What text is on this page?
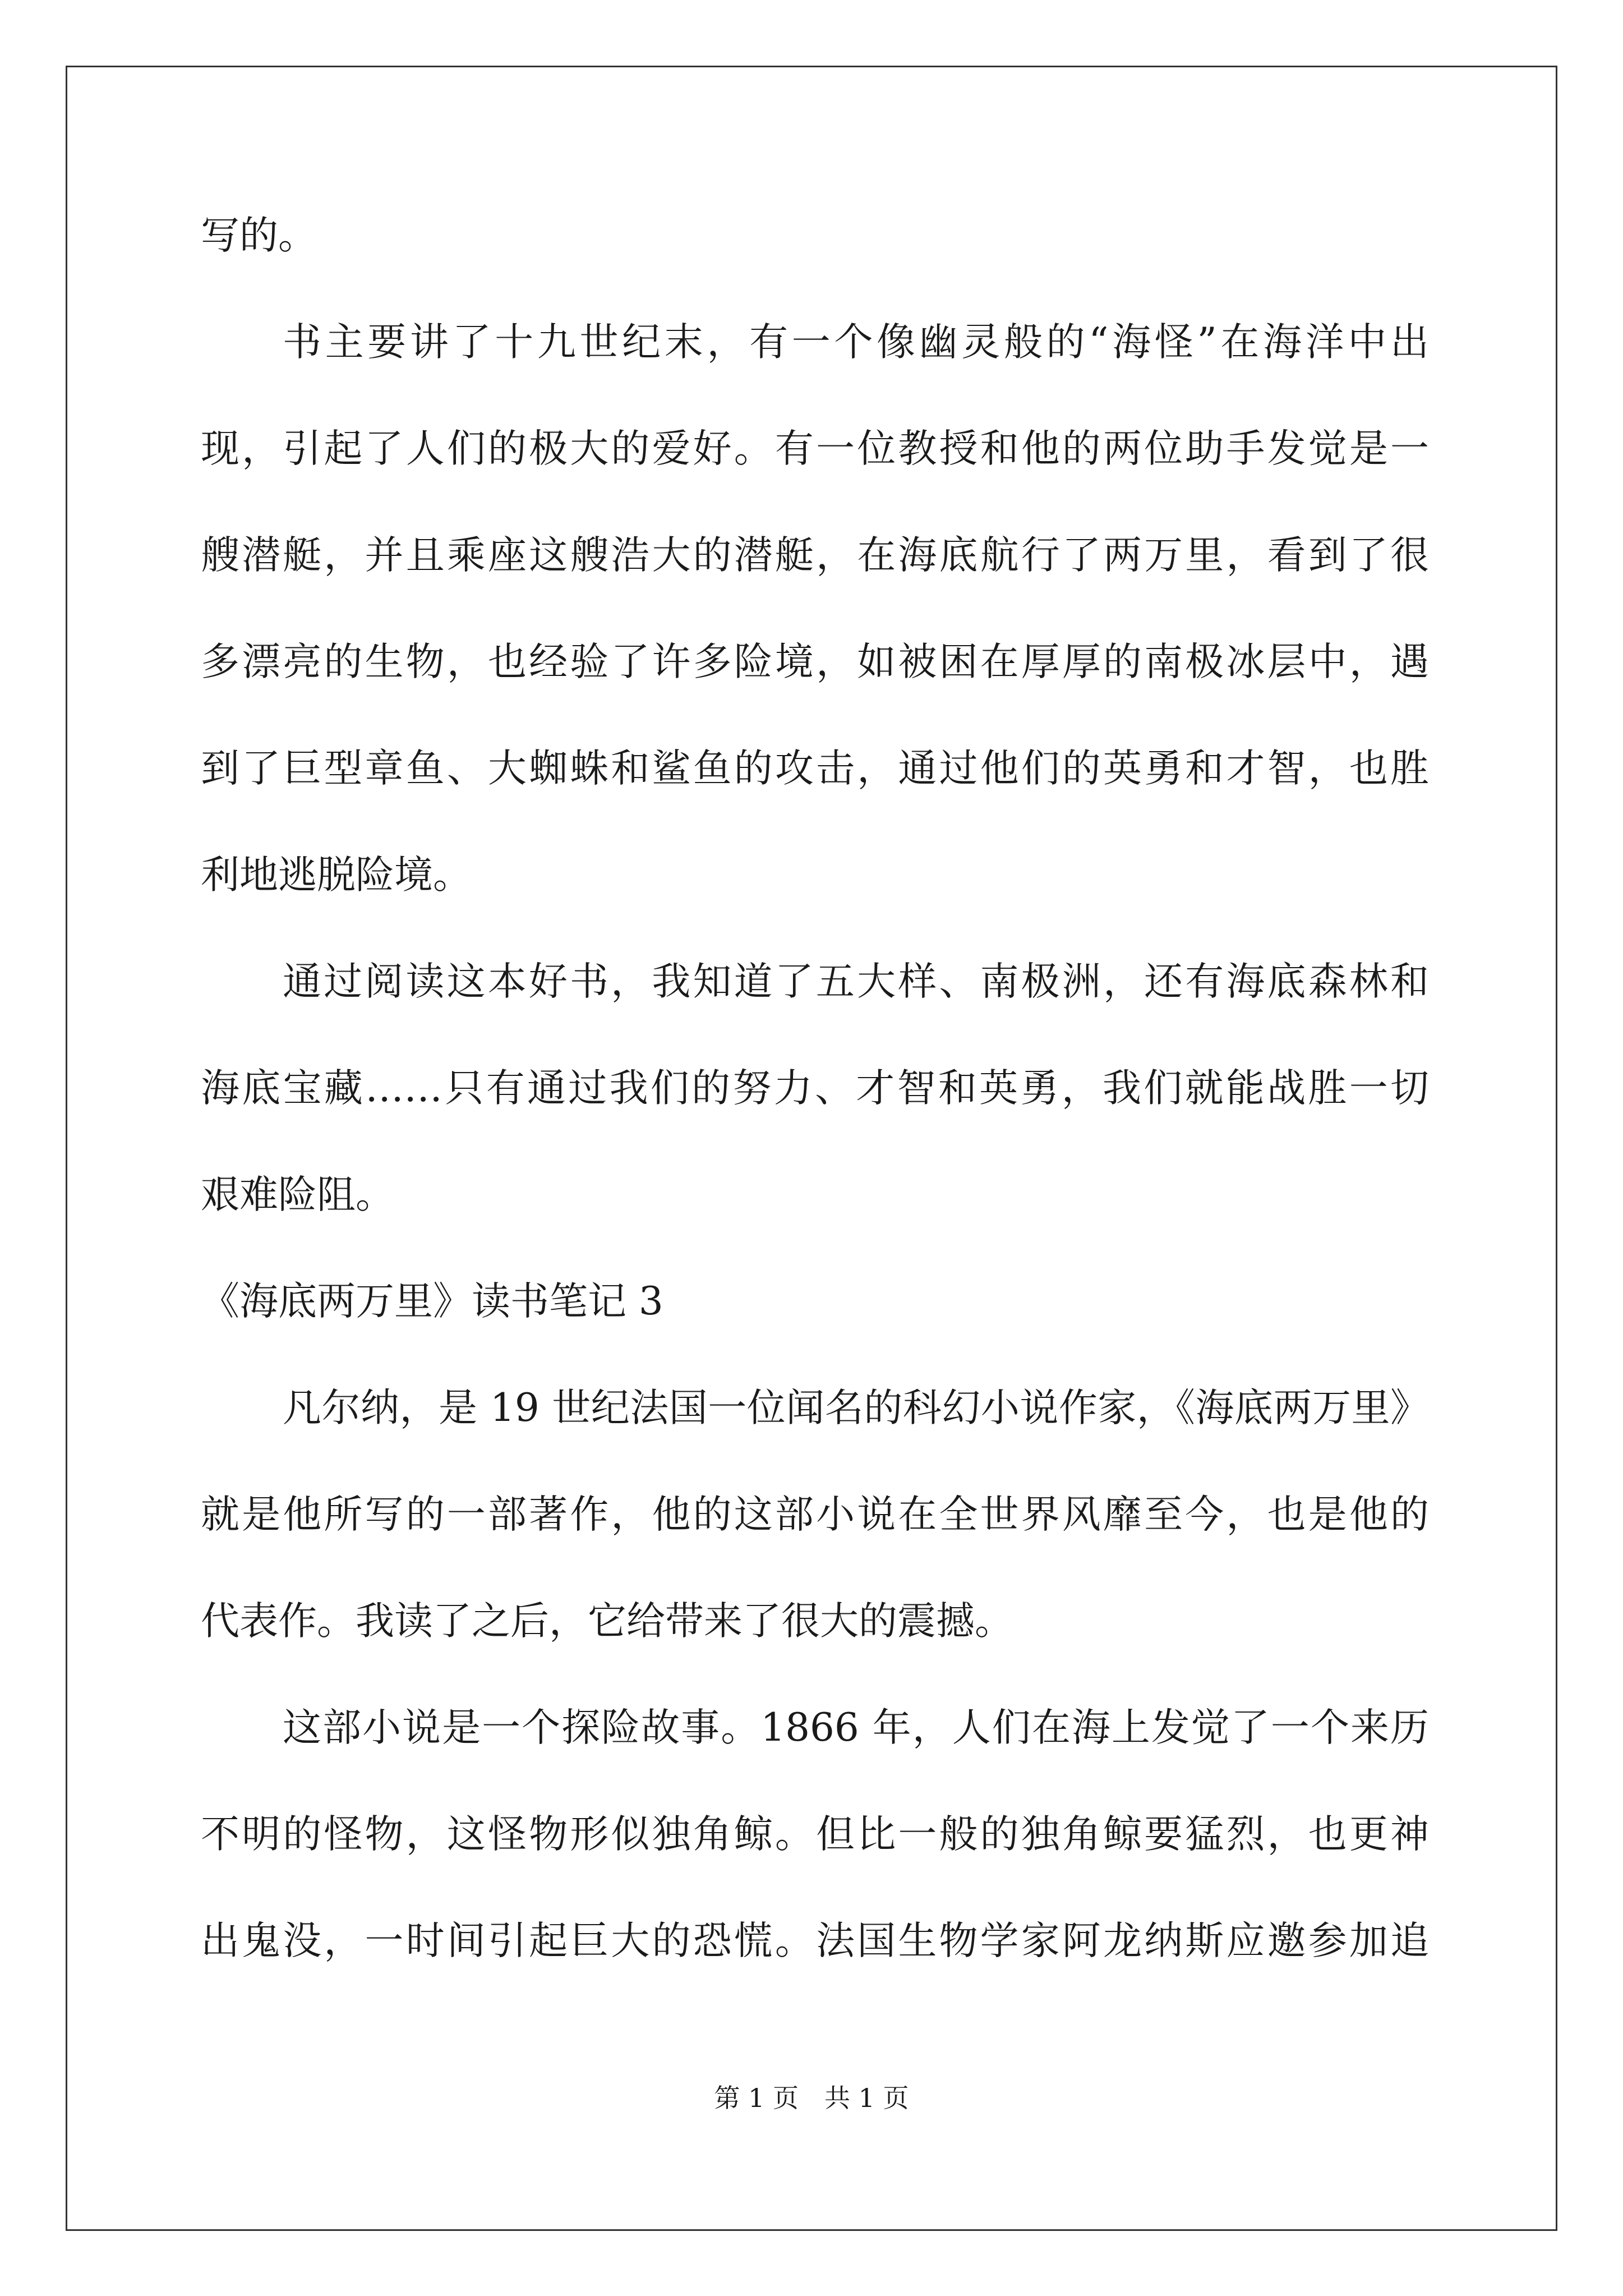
写的。
书主要讲了十九世纪末，有一个像幽灵般的“海怪”在海洋中出
现，引起了人们的极大的爱好。有一位教授和他的两位助手发觉是一
艘潜艇，并且乘座这艘浩大的潜艇，在海底航行了两万里，看到了很
多漂亮的生物，也经验了许多险境，如被困在厚厚的南极冰层中，遇
到了巨型章鱼、大蜘蛛和鲨鱼的攻击，通过他们的英勇和才智，也胜
利地逃脱险境。
通过阅读这本好书，我知道了五大样、南极洲，还有海底森林和
海底宝藏……只有通过我们的努力、才智和英勇，我们就能战胜一切
艰难险阻。
《海底两万里》读书笔记 3
凡尔纳，是 19 世纪法国一位闻名的科幻小说作家，《海底两万里》
就是他所写的一部著作，他的这部小说在全世界风靡至今，也是他的
代表作。我读了之后，它给带来了很大的震撼。
这部小说是一个探险故事。1866 年，人们在海上发觉了一个来历
不明的怪物，这怪物形似独角鲸。但比一般的独角鲸要猛烈，也更神
出鬼没，一时间引起巨大的恐慌。法国生物学家阿龙纳斯应邀参加追
第 1 页 共 1 页
